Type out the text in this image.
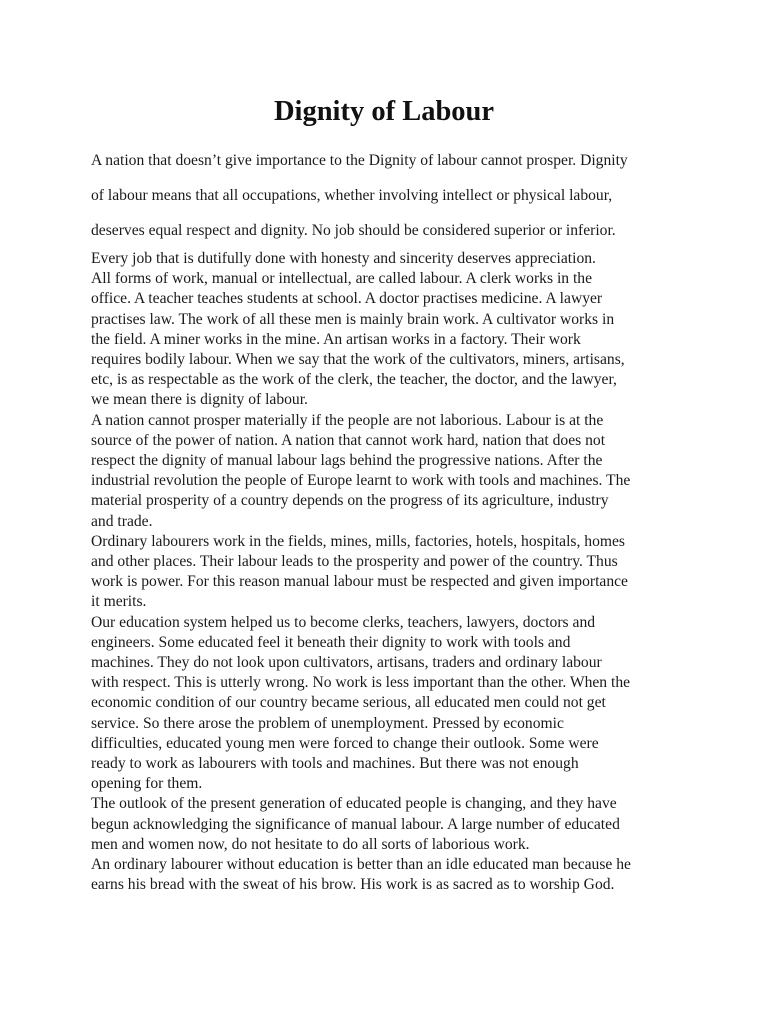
Dignity of Labour
A nation that doesn’t give importance to the Dignity of labour cannot prosper. Dignity
of labour means that all occupations, whether involving intellect or physical labour,
deserves equal respect and dignity. No job should be considered superior or inferior.
Every job that is dutifully done with honesty and sincerity deserves appreciation.
All forms of work, manual or intellectual, are called labour. A clerk works in the
office. A teacher teaches students at school. A doctor practises medicine. A lawyer
practises law. The work of all these men is mainly brain work. A cultivator works in
the field. A miner works in the mine. An artisan works in a factory. Their work
requires bodily labour. When we say that the work of the cultivators, miners, artisans,
etc, is as respectable as the work of the clerk, the teacher, the doctor, and the lawyer,
we mean there is dignity of labour.
A nation cannot prosper materially if the people are not laborious. Labour is at the
source of the power of nation. A nation that cannot work hard, nation that does not
respect the dignity of manual labour lags behind the progressive nations. After the
industrial revolution the people of Europe learnt to work with tools and machines. The
material prosperity of a country depends on the progress of its agriculture, industry
and trade.
Ordinary labourers work in the fields, mines, mills, factories, hotels, hospitals, homes
and other places. Their labour leads to the prosperity and power of the country. Thus
work is power. For this reason manual labour must be respected and given importance
it merits.
Our education system helped us to become clerks, teachers, lawyers, doctors and
engineers. Some educated feel it beneath their dignity to work with tools and
machines. They do not look upon cultivators, artisans, traders and ordinary labour
with respect. This is utterly wrong. No work is less important than the other. When the
economic condition of our country became serious, all educated men could not get
service. So there arose the problem of unemployment. Pressed by economic
difficulties, educated young men were forced to change their outlook. Some were
ready to work as labourers with tools and machines. But there was not enough
opening for them.
The outlook of the present generation of educated people is changing, and they have
begun acknowledging the significance of manual labour. A large number of educated
men and women now, do not hesitate to do all sorts of laborious work.
An ordinary labourer without education is better than an idle educated man because he
earns his bread with the sweat of his brow. His work is as sacred as to worship God.
